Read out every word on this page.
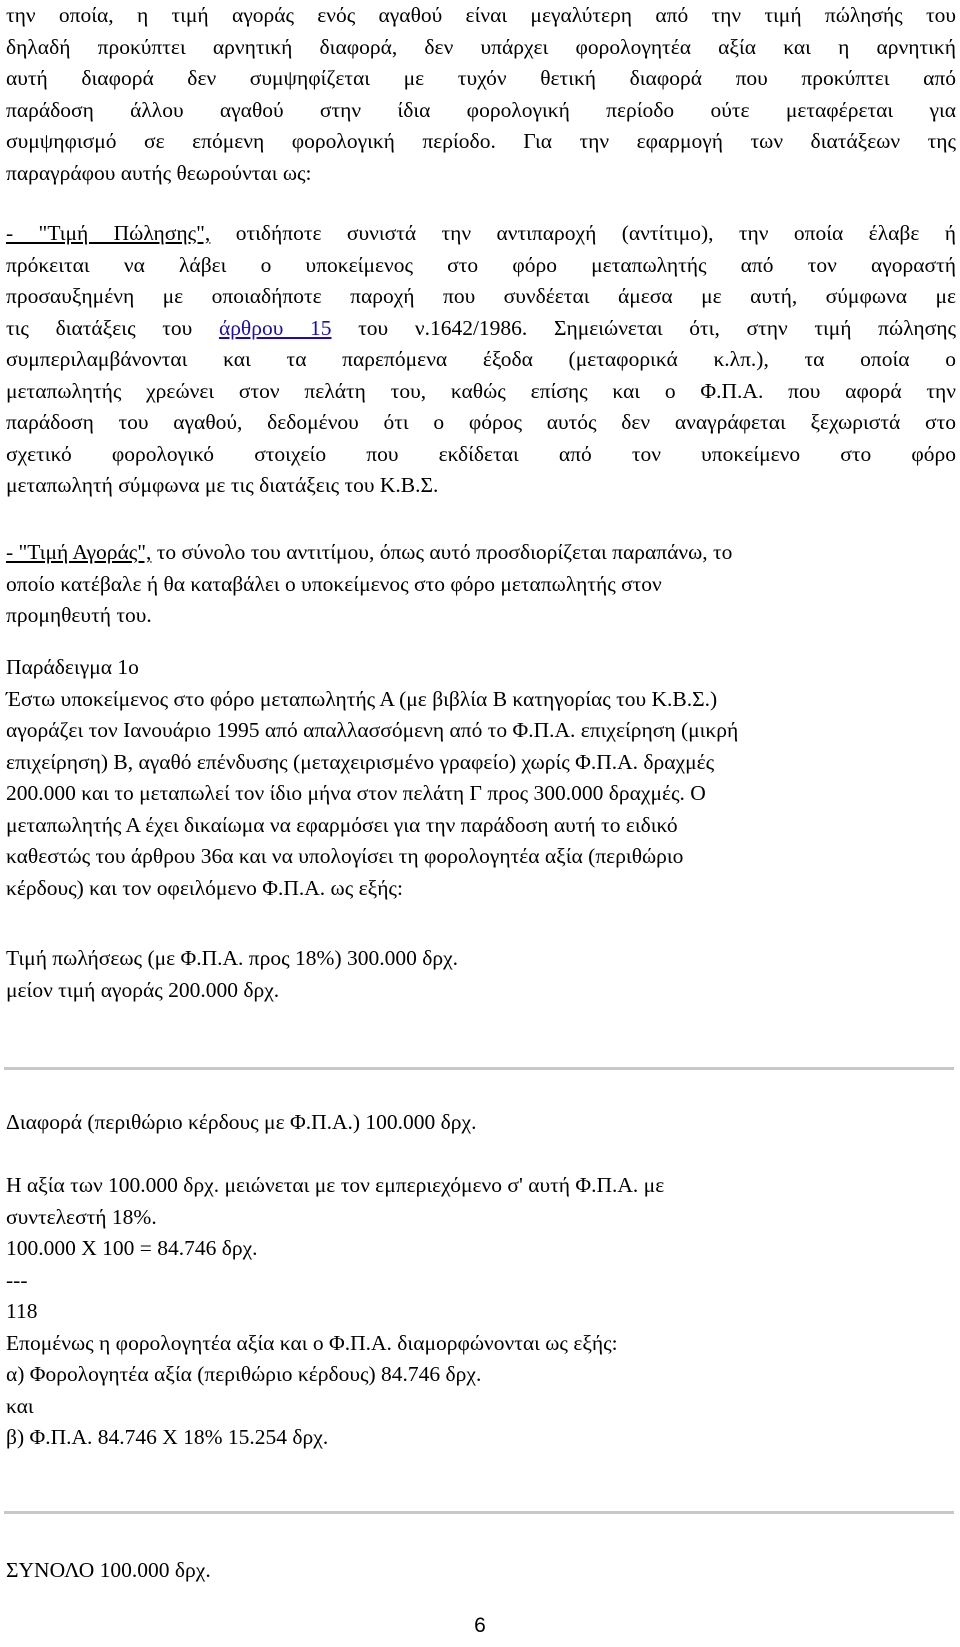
την οποία, η τιμή αγοράς ενός αγαθού είναι μεγαλύτερη από την τιμή πώλησής του

δηλαδή προκύπτει αρνητική διαφορά, δεν υπάρχει φορολογητέα αξία και η αρνητική

αυτή διαφορά δεν συμψηφίζεται με τυχόν θετική διαφορά που προκύπτει από

παράδοση άλλου αγαθού στην ίδια φορολογική περίοδο ούτε μεταφέρεται για

συμψηφισμό σε επόμενη φορολογική περίοδο. Για την εφαρμογή των διατάξεων της

παραγράφου αυτής θεωρούνται ως:

- "Τιμή Πώλησης", οτιδήποτε συνιστά την αντιπαροχή (αντίτιμο), την οποία έλαβε ή

πρόκειται να λάβει ο υποκείμενος στο φόρο μεταπωλητής από τον αγοραστή

προσαυξημένη με οποιαδήποτε παροχή που συνδέεται άμεσα με αυτή, σύμφωνα με

τις διατάξεις του άρθρου 15 του ν.1642/1986. Σημειώνεται ότι, στην τιμή πώλησης

συμπεριλαμβάνονται και τα παρεπόμενα έξοδα (μεταφορικά κ.λπ.), τα οποία ο

μεταπωλητής χρεώνει στον πελάτη του, καθώς επίσης και ο Φ.Π.Α. που αφορά την

παράδοση του αγαθού, δεδομένου ότι ο φόρος αυτός δεν αναγράφεται ξεχωριστά στο

σχετικό φορολογικό στοιχείο που εκδίδεται από τον υποκείμενο στο φόρο

μεταπωλητή σύμφωνα με τις διατάξεις του Κ.Β.Σ.

- "Τιμή Αγοράς", το σύνολο του αντιτίμου, όπως αυτό προσδιορίζεται παραπάνω, το

οποίο κατέβαλε ή θα καταβάλει ο υποκείμενος στο φόρο μεταπωλητής στον

προμηθευτή του.

Παράδειγμα 1ο

Έστω υποκείμενος στο φόρο μεταπωλητής Α (με βιβλία Β κατηγορίας του Κ.Β.Σ.)

αγοράζει τον Ιανουάριο 1995 από απαλλασσόμενη από το Φ.Π.Α. επιχείρηση (μικρή

επιχείρηση) Β, αγαθό επένδυσης (μεταχειρισμένο γραφείο) χωρίς Φ.Π.Α. δραχμές

200.000 και το μεταπωλεί τον ίδιο μήνα στον πελάτη Γ προς 300.000 δραχμές. Ο

μεταπωλητής Α έχει δικαίωμα να εφαρμόσει για την παράδοση αυτή το ειδικό

καθεστώς του άρθρου 36α και να υπολογίσει τη φορολογητέα αξία (περιθώριο

κέρδους) και τον οφειλόμενο Φ.Π.Α. ως εξής:

Τιμή πωλήσεως (με Φ.Π.Α. προς 18%) 300.000 δρχ.

μείον τιμή αγοράς 200.000 δρχ.

Διαφορά (περιθώριο κέρδους με Φ.Π.Α.) 100.000 δρχ.

Η αξία των 100.000 δρχ. μειώνεται με τον εμπεριεχόμενο σ' αυτή Φ.Π.Α. με

συντελεστή 18%.

100.000 Χ 100 = 84.746 δρχ.

---

118

Επομένως η φορολογητέα αξία και ο Φ.Π.Α. διαμορφώνονται ως εξής:

α) Φορολογητέα αξία (περιθώριο κέρδους) 84.746 δρχ.

και

β) Φ.Π.Α. 84.746 Χ 18% 15.254 δρχ.

ΣΥΝΟΛΟ 100.000 δρχ.

6
